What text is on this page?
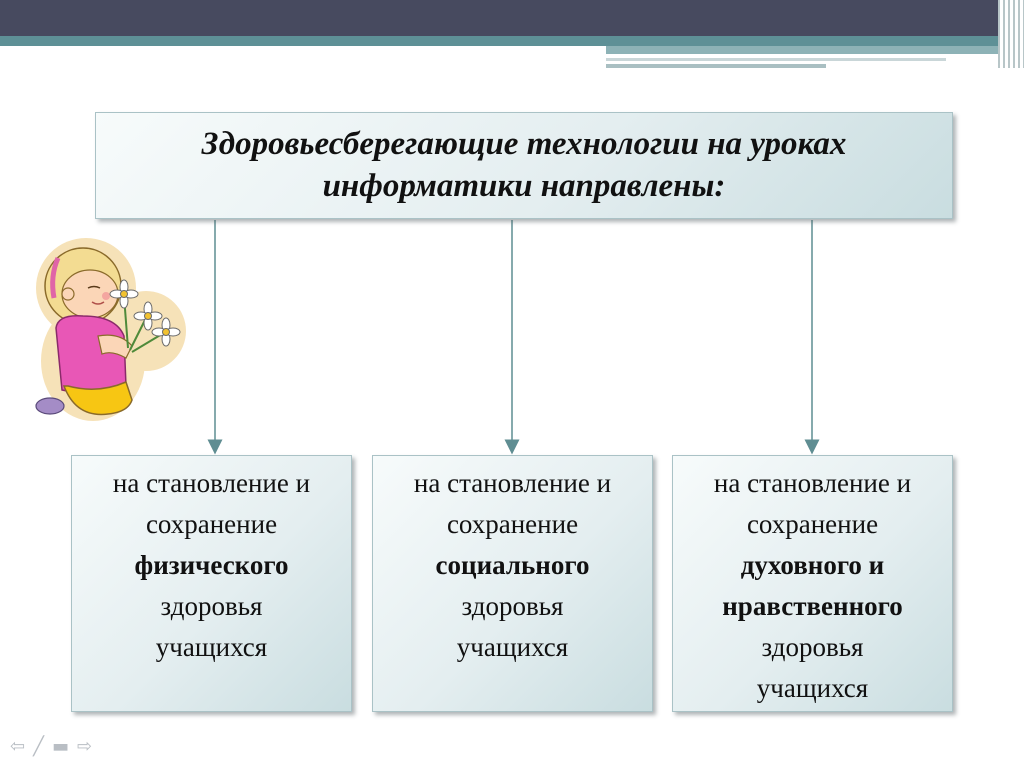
Здоровьесберегающие технологии на уроках
информатики направлены:
на становление и
сохранение
физического
здоровья
учащихся
на становление и
сохранение
социального
здоровья
учащихся
на становление и
сохранение
духовного и
нравственного
здоровья
учащихся
⇦ ╱ ▬ ⇨
